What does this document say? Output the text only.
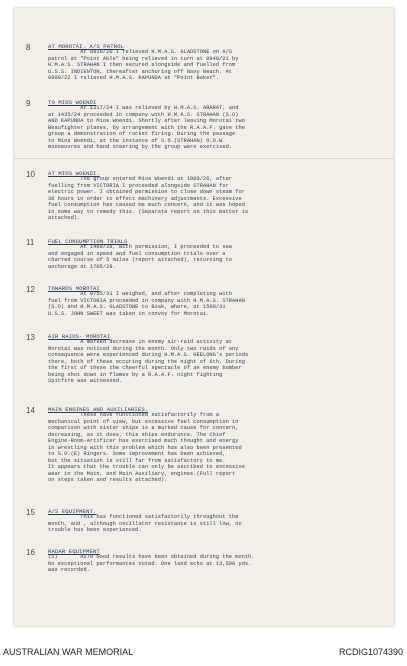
8	AT MOROTAI. A/S PATROL
At 0810/20 I relieved H.M.A.S. GLADSTONE on A/S
patrol at "Point Able" being relieved in turn at 0940/21 by
H.M.A.S. STRAHAN I then secured alongside and fuelled from
U.S.S. INDIENTON, thereafter anchoring off Navy Beach. At
0900/22 I relieved H.M.A.S. KAPUNDA at "Point Baker".
9	TO MIOS WOENDI
At 1217/24 I was relieved by H.M.A.S. ARARAT, and
at 1435/24 proceeded in company with H.M.A.S. STRAHAN (S.O)
AND KAPUNDA to Mios Woendi. Shortly after leaving Morotai two
Beaufighter planes, by arrangement with the R.A.A.F. gave the
group a demonstration of rocket firing. During the passage
to Mios Woendi, at the instance of S.O.(STRAHAN) O.O.W.
manoeuvres and hand steering by the group were exercised.
10 AT MIOS WOENDI.
The group entered Mios Woendi at 1000/26, after
fuelling from VICTORIA I proceeded alongside STRAHAN for
electric power. I obtained permission to close down steam for
36 hours in order to effect machinery adjustments. Excessive
fuel consumption has caused me much concern, and it was hoped
in some way to remedy this. (Separate report on this matter is
attached).
11 FUEL CONSUMPTION TRIALS
At 1400/28, with permission, I proceeded to sea
and engaged in speed and fuel consumption trials over a
charted course of 5 miles (report attached), returning to
anchorage at 1705/28.
12 TOWARDS MOROTAI
At 0755/31 I weighed, and after completing with
fuel from VICTORIA proceeded in company with H.M.A.S. STRAHAN
(S.O) and H.M.A.S. GLADSTONE to Biak, where, at 1500/31
U.S.S. JOHN SWEET was taken in convoy for Morotai.
13 AIR RAIDS- MOROTAI
A marked decrease in enemy air-raid activity at
Morotai was noticed during the month. Only two raids of any
consequence were experienced during H.M.A.S. GEELONG's periods
there, both of these occuring during the night of 6th. During
the first of these the cheerful spectacle of an enemy bomber
being shot down in flames by a R.A.A.F. night fighting
Spitfire was witnessed.
14 MAIN ENGINES AND AUXILIARIES.
These have functioned satisfactorily from a
mechanical point of view, but excessive fuel consumption in
comparison with sister ships is a marked cause for concern,
decreasing, as it does, this ships endurance. The Chief
Engine-Room-Artificer has exercised much thought and energy
in wrestling with this problem which has also been presented
to S.O.(E) Ringers. Some improvement has been achieved,
but the situation is still far from satisfactory to me.
It appears that the trouble can only be ascribed to excessive
wear in the Main, and Main Auxiliary, engines.(Full report
on steps taken and results attached).
15 A/S EQUIPMENT.
This has functioned satisfactorily throughout the
month, and , although oscillator resistance is still low, no
trouble has been experienced.
16 RADAR EQUIPMENT
(1)       A270 Good results have been obtained during the month.
No exceptional performances noted. One land echo at 13,500 yds.
was recorded.
AUSTRALIAN WAR MEMORIAL	RCDIG1074390
